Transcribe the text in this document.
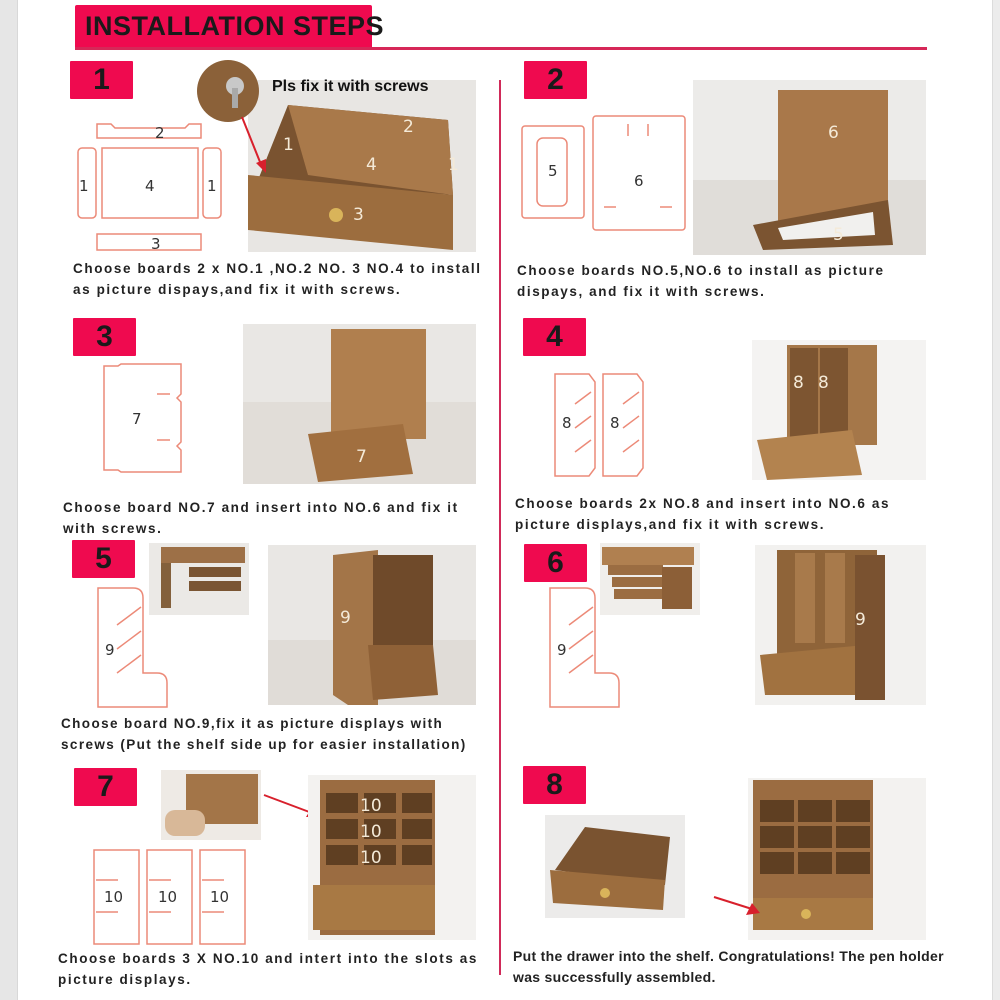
INSTALLATION STEPS
1
2
1	4	1
3
1
2
4	1
3
Pls fix it with screws
Choose boards 2 x NO.1 ,NO.2 NO. 3 NO.4 to install as picture dispays,and fix it with screws.
2
5
6
6
5
Choose boards NO.5,NO.6 to install as picture dispays, and fix it with screws.
3
7
7
Choose board NO.7 and insert into NO.6 and fix it with screws.
4
8	8
8 8
Choose boards 2x NO.8 and insert into NO.6 as picture displays,and fix it with screws.
5
9
9
Choose board NO.9,fix it as picture displays with screws (Put the shelf side up for easier installation)
6
9
9
7
10 10 10
10
10
10
Choose boards 3 X NO.10 and intert into the slots as picture displays.
8
Put the drawer into the shelf. Congratulations! The pen holder was successfully assembled.
